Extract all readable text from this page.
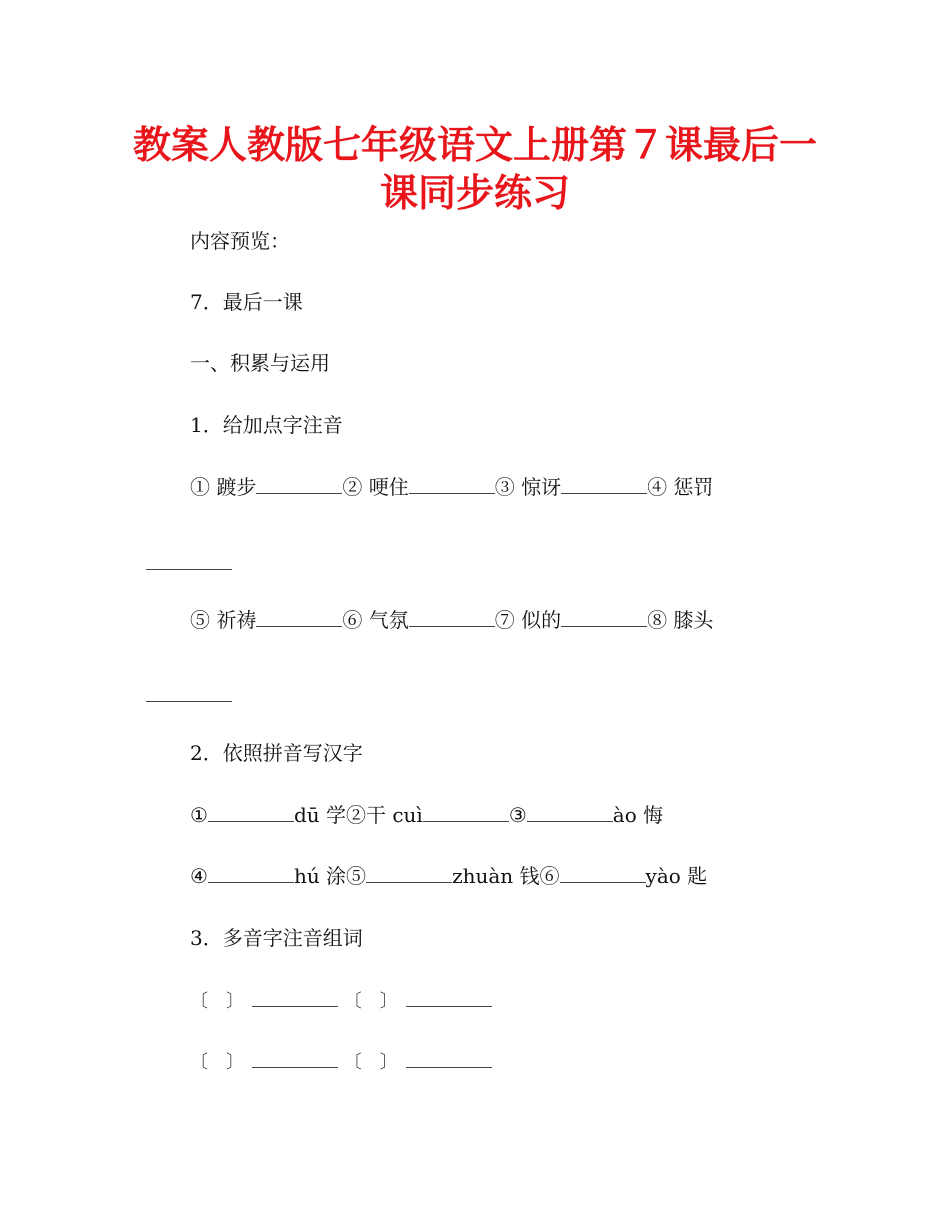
教案人教版七年级语文上册第７课最后一
课同步练习
内容预览：
7．最后一课
一、积累与运用
1．给加点字注音
① 踱步	② 哽住	③ 惊讶	④ 惩罚
⑤ 祈祷	⑥ 气氛	⑦ 似的	⑧ 膝头
2．依照拼音写汉字
①	dū 学②干 cuì	③	ào 悔
④	hú 涂⑤	zhuàn 钱⑥	yào 匙
3．多音字注音组词
〔　〕	〔　〕
〔　〕	〔　〕
